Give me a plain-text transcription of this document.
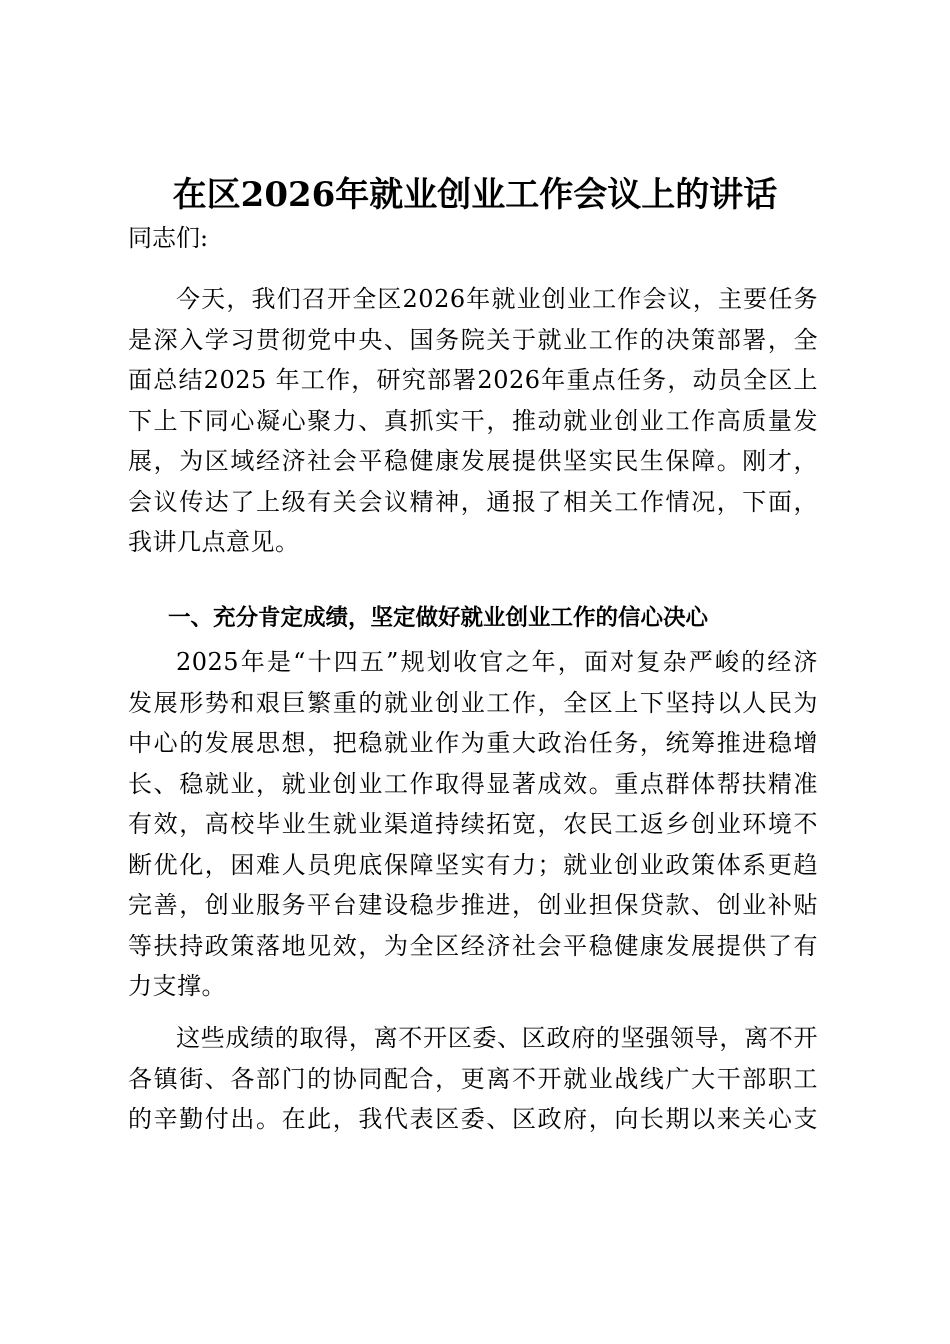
在区2026年就业创业工作会议上的讲话

同志们:

今天，我们召开全区2026年就业创业工作会议，主要任务
是深入学习贯彻党中央、国务院关于就业工作的决策部署，全
面总结2025 年工作，研究部署2026年重点任务，动员全区上
下上下同心凝心聚力、真抓实干，推动就业创业工作高质量发
展，为区域经济社会平稳健康发展提供坚实民生保障。刚才，
会议传达了上级有关会议精神，通报了相关工作情况，下面，
我讲几点意见。

一、充分肯定成绩，坚定做好就业创业工作的信心决心

2025年是“十四五”规划收官之年，面对复杂严峻的经济
发展形势和艰巨繁重的就业创业工作，全区上下坚持以人民为
中心的发展思想，把稳就业作为重大政治任务，统筹推进稳增
长、稳就业，就业创业工作取得显著成效。重点群体帮扶精准
有效，高校毕业生就业渠道持续拓宽，农民工返乡创业环境不
断优化，困难人员兜底保障坚实有力；就业创业政策体系更趋
完善，创业服务平台建设稳步推进，创业担保贷款、创业补贴
等扶持政策落地见效，为全区经济社会平稳健康发展提供了有
力支撑。
这些成绩的取得，离不开区委、区政府的坚强领导，离不开
各镇街、各部门的协同配合，更离不开就业战线广大干部职工
的辛勤付出。在此，我代表区委、区政府，向长期以来关心支
